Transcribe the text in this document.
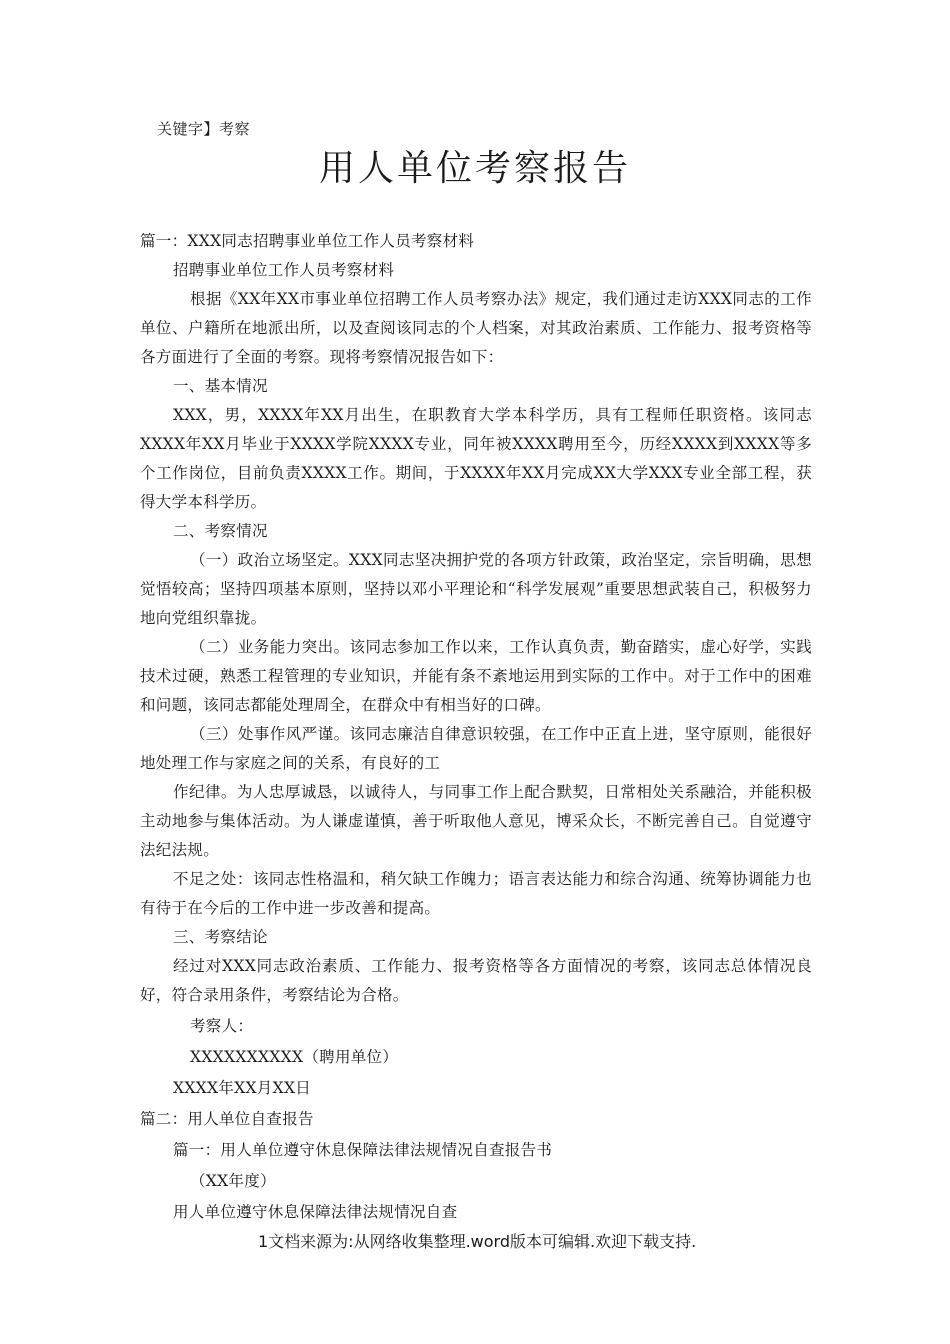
关键字】考察
用人单位考察报告

篇一：XXX同志招聘事业单位工作人员考察材料

招聘事业单位工作人员考察材料

根据《XX年XX市事业单位招聘工作人员考察办法》规定，我们通过走访XXX同志的工作单位、户籍所在地派出所，以及查阅该同志的个人档案，对其政治素质、工作能力、报考资格等各方面进行了全面的考察。现将考察情况报告如下：

一、基本情况

XXX，男，XXXX年XX月出生，在职教育大学本科学历，具有工程师任职资格。该同志XXXX年XX月毕业于XXXX学院XXXX专业，同年被XXXX聘用至今，历经XXXX到XXXX等多个工作岗位，目前负责XXXX工作。期间，于XXXX年XX月完成XX大学XXX专业全部工程，获得大学本科学历。

二、考察情况

（一）政治立场坚定。XXX同志坚决拥护党的各项方针政策，政治坚定，宗旨明确，思想觉悟较高；坚持四项基本原则，坚持以邓小平理论和“科学发展观”重要思想武装自己，积极努力地向党组织靠拢。

（二）业务能力突出。该同志参加工作以来，工作认真负责，勤奋踏实，虚心好学，实践技术过硬，熟悉工程管理的专业知识，并能有条不紊地运用到实际的工作中。对于工作中的困难和问题，该同志都能处理周全，在群众中有相当好的口碑。

（三）处事作风严谨。该同志廉洁自律意识较强，在工作中正直上进，坚守原则，能很好地处理工作与家庭之间的关系，有良好的工

作纪律。为人忠厚诚恳，以诚待人，与同事工作上配合默契，日常相处关系融洽，并能积极主动地参与集体活动。为人谦虚谨慎，善于听取他人意见，博采众长，不断完善自己。自觉遵守法纪法规。

不足之处：该同志性格温和，稍欠缺工作魄力；语言表达能力和综合沟通、统筹协调能力也有待于在今后的工作中进一步改善和提高。

三、考察结论

经过对XXX同志政治素质、工作能力、报考资格等各方面情况的考察，该同志总体情况良好，符合录用条件，考察结论为合格。

考察人：

XXXXXXXXXX（聘用单位）

XXXX年XX月XX日

篇二：用人单位自查报告

篇一：用人单位遵守休息保障法律法规情况自查报告书

（XX年度）

用人单位遵守休息保障法律法规情况自查

1文档来源为:从网络收集整理.word版本可编辑.欢迎下载支持.
